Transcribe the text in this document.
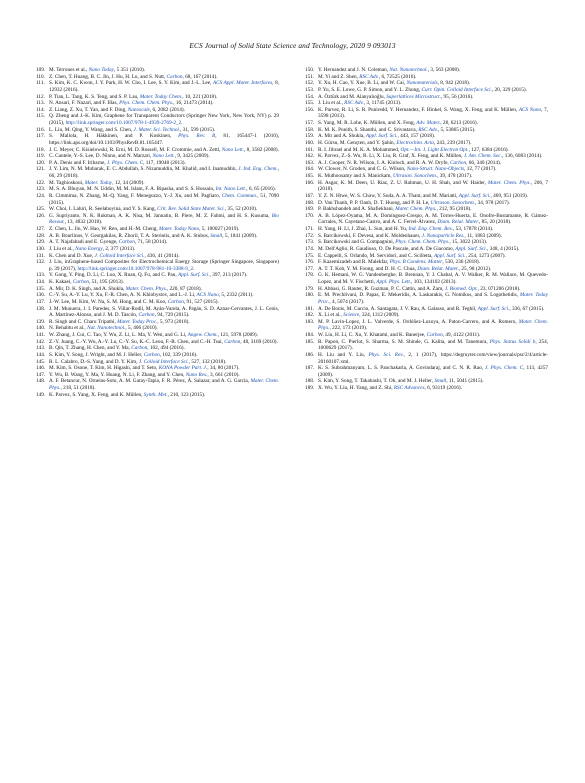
ECS Journal of Solid State Science and Technology, 2020 9 093013
109. M. Terrones et al., Nano Today, 5 351 (2010).
110. Z. Chen, T. Huang, B. C. Jin, J. Hu, H. Lu, and S. Nutt, Carbon, 68, 167 (2014).
111. S. Kim, K. C. Kwon, J. Y. Park, H. W. Cho, I. Lee, S. Y. Kim, and J.-L. Lee, ACS Appl. Mater. Interfaces, 8, 12932 (2016).
112. P. Tian, L. Tang, K. S. Teng, and S. P. Lau, Mater. Today Chem., 10, 221 (2018).
113. N. Ansari, F. Nazari, and F. Illas, Phys. Chem. Chem. Phys., 16, 21473 (2014).
114. Z. Liang, Z. Xu, T. Yan, and F. Ding, Nanoscale, 6, 2082 (2014).
115. Q. Zheng and J.-K. Kim, Graphene for Transparent Conductors (Springer New York, New York, NY) p. 29 (2015), http://link.springer.com/10.1007/978-1-4939-2769-2_2.
116. L. Liu, M. Qing, Y. Wang, and S. Chen, J. Mater. Sci. Technol., 31, 599 (2015).
117. S. Mallola, H. Häkkinen, and P. Koskinen, Phys. Rev. B, 81, 165447-1 (2010), https://link.aps.org/doi/10.1103/PhysRevB.81.165447.
118. J. C. Meyer, C. Kisielowski, R. Erni, M. D. Rossell, M. F. Crommie, and A. Zettl, Nano Lett., 8, 3582 (2008).
119. C. Cantele, Y.-S. Lee, D. Ninno, and N. Marzari, Nano Lett., 9, 3425 (2009).
120. P. A. Denis and F. Iribarne, J. Phys. Chem. C, 117, 19048 (2013).
121. J. Y. Lim, N. M. Mubarak, E. C. Abdullah, S. Nizamuddin, M. Khalid, and I. Inamuddin, J. Ind. Eng. Chem., 66, 29 (2018).
122. M. Taghioskoui, Mater. Today, 12, 34 (2009).
123. M. S. A. Bhuyan, M. N. Uddin, M. M. Islam, F. A. Bipasha, and S. S. Hossain, Int. Nano Lett., 6, 65 (2016).
124. R. Cimmima, N. Zhang, M.-Q. Yang, F. Meneguzzo, Y.-J. Xu, and M. Pagliaro, Chem. Commun., 51, 7090 (2015).
125. W. Choi, I. Lahiri, R. Seelaboyina, and Y. S. Kang, Crit. Rev. Solid State Mater. Sci., 35, 52 (2010).
126. G. Supriyanto, N. K. Rukman, A. K. Nisa, M. Jannatin, B. Piere, M. Z. Fahmi, and H. S. Kusuma, Bio Resour., 13, 4832 (2018).
127. Z. Chen, L. Jin, W. Hao, W. Ren, and H.-M. Cheng, Mater. Today Nano, 5, 100027 (2019).
128. A. B. Bourlinos, V. Georgakilas, R. Zboril, T. A. Steriotis, and A. K. Stubos, Small, 5, 1841 (2009).
129. A. T. Najafabadi and E. Gyenge, Carbon, 71, 58 (2014).
130. J. Liu et al., Nano Energy, 2, 377 (2013).
131. K. Chen and D. Xue, J. Colloid Interface Sci., 436, 41 (2014).
132. J. Liu, inGraphene-based Composites for Electrochemical Energy Storage (Springer Singapore, Singapore) p. 39 (2017), http://link.springer.com/10.1007/978-981-10-3388-9_2.
133. Y. Gong, Y. Ping, D. Li, C. Luo, X. Ruan, Q. Fu, and C. Pan, Appl. Surf. Sci., 397, 213 (2017).
134. K. Kakaei, Carbon, 51, 195 (2013).
135. A. Mir, D. K. Singh, and A. Shukla, Mater. Chem. Phys., 220, 87 (2018).
136. C.-Y. Su, A.-Y. Lu, Y. Xu, F.-R. Chen, A. N. Khlobystov, and L.-J. Li, ACS Nano, 5, 2332 (2011).
137. J.-W. Lee, M. Kim, W. Na, S. M. Hong, and C. M. Koo, Carbon, 91, 527 (2015).
138. J. M. Munuera, J. I. Paredes, S. Villar-Rodil, M. Ayán-Varela, A. Pagán, S. D. Aznar-Cervantes, J. L. Cenis, A. Martínez-Alonso, and J. M. D. Tascón, Carbon, 94, 729 (2015).
139. R. Singh and C. Charu Tripathi, Mater. Today Proc., 5, 973 (2018).
140. N. Behabtu et al., Nat. Nanotechnol., 5, 406 (2010).
141. W. Zhang, J. Cui, C. Tao, Y. Wu, Z. Li, L. Ma, Y. Wen, and G. Li, Angew. Chem., 121, 5978 (2009).
142. Z.-Y. Juang, C.-Y. Wu, A.-Y. Lu, C.-Y. Su, K.-C. Leou, F.-R. Chen, and C.-H. Tsai, Carbon, 48, 3169 (2010).
143. B. Qin, T. Zhang, H. Chen, and Y. Ma, Carbon, 102, 494 (2016).
144. S. Kim, Y. Song, J. Wright, and M. J. Heller, Carbon, 102, 339 (2016).
145. R. L. Calabro, D.-S. Yang, and D. Y. Kim, J. Colloid Interface Sci., 527, 132 (2018).
146. M. Kim, S. Osone, T. Kim, H. Higashi, and T. Seto, KONA Powder Part. J., 34, 80 (2017).
147. Y. Wu, B. Wang, Y. Ma, Y. Huang, N. Li, F. Zhang, and Y. Chen, Nano Res., 3, 661 (2010).
148. A. F. Betancur, N. Ornelas-Soto, A. M. Garay-Tapia, F. R. Pérez, Á. Salazar, and A. G. García, Mater. Chem. Phys., 218, 51 (2018).
149. K. Parvez, S. Yang, X. Feng, and K. Müllen, Synth. Met., 210, 123 (2015).
150. Y. Hernandez and J. N. Coleman, Nat. Nanotechnol., 3, 563 (2008).
151. M. Yi and Z. Shen, RSC Adv., 6, 72525 (2016).
152. Y. Xu, H. Cao, Y. Xue, B. Li, and W. Cai, Nanomaterials, 8, 942 (2018).
153. P. Yu, S. E. Lowe, G. P. Simon, and Y. L. Zhong, Curr. Opin. Colloid Interface Sci., 20, 329 (2015).
154. A. Öztürk and M. Alanyalıoğlu, Superlattices Microstruct., 95, 56 (2016).
155. J. Liu et al., RSC Adv., 3, 11745 (2013).
156. K. Parvez, R. Li, S. R. Puniredd, Y. Hernandez, F. Hinkel, S. Wang, X. Feng, and K. Müllen, ACS Nano, 7, 3598 (2013).
157. S. Yang, M. R. Lohe, K. Müllen, and X. Feng, Adv. Mater., 28, 6213 (2016).
158. K. M. K. Punith, S. Shanthi, and C. Srivastava, RSC Adv., 5, 53865 (2015).
159. A. Mir and A. Shukla, Appl. Surf. Sci., 443, 157 (2018).
160. H. Gürsu, M. Gençten, and Y. Şahin, Electrochim. Acta, 243, 239 (2017).
161. R. I. Jibrael and M. K. A. Mohammed, Opt.—Int. J. Light Electron Opt., 127, 6384 (2016).
162. K. Parvez, Z.-S. Wu, R. Li, X. Liu, R. Graf, X. Feng, and K. Müllen, J. Am. Chem. Soc., 136, 6083 (2014).
163. A. J. Cooper, N. R. Wilson, I. A. Kinloch, and R. A. W. Dryfe, Carbon, 66, 340 (2014).
164. W. Clower, N. Groden, and C. G. Wilson, Nano-Struct. Nano-Objects, 12, 77 (2017).
165. K. Muthoosamy and S. Manickam, Ultrason. Sonochem., 39, 478 (2017).
166. H. Asgar, K. M. Deen, U. Riaz, Z. U. Rahman, U. H. Shah, and W. Haider, Mater. Chem. Phys., 206, 7 (2018).
167. Y. Z. N. Htwe, W. S. Chow, Y. Suda, A. A. Thant, and M. Mariatti, Appl. Surf. Sci., 469, 951 (2019).
168. D. Van Thanh, P. P. Oanh, D. T. Huong, and P. H. Le, Ultrason. Sonochem., 34, 978 (2017).
169. P. Bakhshandeh and A. Shafiekhani, Mater. Chem. Phys., 212, 95 (2018).
170. A. B. López-Oyama, M. A. Domínguez-Crespo, A. M. Torres-Huerta, E. Onofre-Bustamante, R. Gámez-Corrales, N. Cayetano-Castro, and A. C. Ferrel-Álvarez, Diam. Relat. Mater., 85, 20 (2018).
171. H. Yang, H. Li, J. Zhai, L. Sun, and H. Yu, Ind. Eng. Chem. Res., 53, 17878 (2014).
172. S. Barcikowski, F. Devesa, and K. Moldenhauer, J. Nanoparticle Res., 11, 1883 (2009).
173. S. Barcikowski and G. Compagnini, Phys. Chem. Chem. Phys., 15, 3022 (2013).
174. M. Dell'Aglio, R. Gaudiuso, O. De Pascale, and A. De Giacomo, Appl. Surf. Sci., 348, 4 (2015).
175. E. Cappelli, S. Orlando, M. Servidori, and C. Scilletta, Appl. Surf. Sci., 254, 1273 (2007).
176. F. Kazemizadeh and R. Malekfar, Phys. B Condens. Matter, 530, 236 (2018).
177. A. T. T. Koh, Y. M. Foong, and D. H. C. Chua, Diam. Relat. Mater., 25, 98 (2012).
178. G. K. Hemani, W. G. Vandenberghe, B. Brennan, Y. J. Chabal, A. V. Walker, R. M. Wallace, M. Quevedo-Lopez, and M. V. Fischetti, Appl. Phys. Lett., 103, 134102 (2013).
179. H. Abbasi, G. Rauter, R. Guzman, P. C. Cattin, and A. Zam, J. Biomed. Opt., 23, 071206 (2018).
180. E. M. Prechlivani, D. Papas, E. Mekeridis, A. Laskarakis, G. Nomikos, and S. Logothetidis, Mater. Today Proc., 4, 5074 (2017).
181. A. De Bonis, M. Curcio, A. Santagata, J. V. Rau, A. Galasso, and R. Teghil, Appl. Surf. Sci., 336, 67 (2015).
182. X. Li et al., Science, 324, 1312 (2009).
183. M. P. Lavin-Lopez, J. L. Valverde, S. Ordóñez-Lozoya, A. Paton-Carrero, and A. Romero, Mater. Chem. Phys., 222, 173 (2019).
184. W. Liu, H. Li, C. Xu, Y. Khatami, and K. Banerjee, Carbon, 49, 4122 (2011).
185. R. Papon, C. Pierlot, S. Sharma, S. M. Shinde, G. Kalita, and M. Tanemura, Phys. Status Solidi b, 254, 1600629 (2017).
186. H. Liu and Y. Liu, Phys. Sci. Rev., 2, 1 (2017), https://degruyter.com/view/journals/psr/2/4/article-20160107.xml.
187. K. S. Subrahmanyam, L. S. Panchakarla, A. Govindaraj, and C. N. R. Rao, J. Phys. Chem. C, 113, 4257 (2009).
188. S. Kim, Y. Song, T. Takahashi, T. Oh, and M. J. Heller, Small, 11, 5041 (2015).
189. X. Wu, Y. Liu, H. Yang, and Z. Shi, RSC Advances, 6, 93119 (2016).
